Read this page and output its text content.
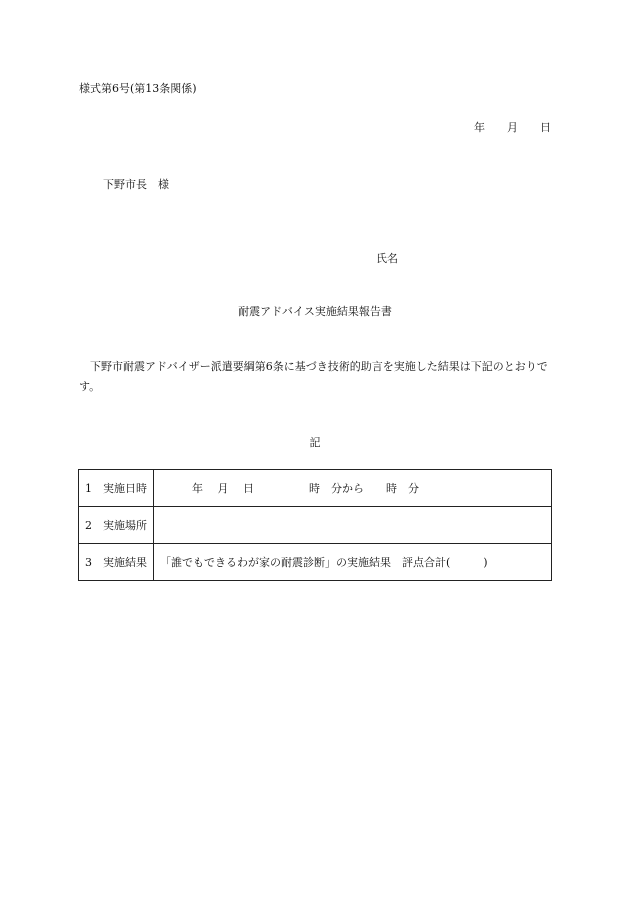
様式第6号(第13条関係)
年 月 日
下野市長　様
氏名
耐震アドバイス実施結果報告書
下野市耐震アドバイザー派遣要綱第6条に基づき技術的助言を実施した結果は下記のとおりです。
記
1　実施日時	年　 月　 日　　　　　時　分から　　時　分
2　実施場所	
3　実施結果	「誰でもできるわが家の耐震診断」の実施結果　評点合計(　　　)
